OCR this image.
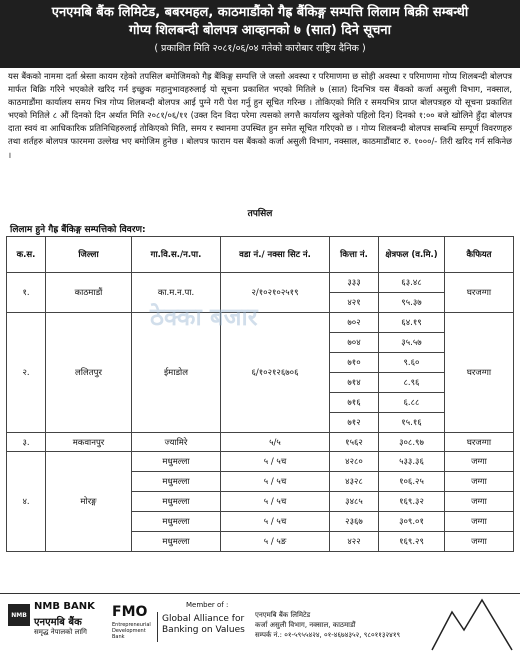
एनएमबि बैंक लिमिटेड, बबरमहल, काठमाडौंको गैह्र बैंकिङ्ग सम्पत्ति लिलाम बिक्री सम्बन्धी
गोप्य शिलबन्दी बोलपत्र आव्हानको ७ (सात) दिने सूचना
( प्रकाशित मिति २०८१/०६/०४ गतेको कारोबार राष्ट्रिय दैनिक )
यस बैंकको नाममा दर्ता श्रेस्ता कायम रहेको तपसिल बमोजिमको गैह्र बैंकिङ्ग सम्पत्ति जे जस्तो अवस्था र परिमाणमा छ सोही अवस्था र परिमाणमा गोप्य शिलबन्दी बोलपत्र मार्फत बिक्रि गरिने भएकोले खरिद गर्न इच्छुक महानुभावहरुलाई यो सूचना प्रकाशित भएको मितिले ७ (सात) दिनभित्र यस बैंकको कर्जा असुली विभाग, नक्साल, काठमाडौंमा कार्यालय समय भित्र गोप्य शिलबन्दी बोलपत्र आई पुग्ने गरी पेश गर्नु हुन सूचित गरिन्छ । तोकिएको मिति र समयभित्र प्राप्त बोलपत्रहरु यो सूचना प्रकाशित भएको मितिले ८ औं दिनको दिन अर्थात मिति २०८१/०६/११ (उक्त दिन विदा परेमा त्यसको लगत्तै कार्यालय खुलेको पहिलो दिन) दिनको १:०० बजे खोलिने हुँदा बोलपत्र दाता स्वयं वा आधिकारिक प्रतिनिधिहरुलाई तोकिएको मिति, समय र स्थानमा उपस्थित हुन समेत सूचित गरिएको छ । गोप्य शिलबन्दी बोलपत्र सम्बन्धि सम्पूर्ण विवरणहरु तथा शर्तहरु बोलपत्र फारममा उल्लेख भए बमोजिम हुनेछ । बोलपत्र फाराम यस बैंकको कर्जा असुली विभाग, नक्साल, काठमाडौंबाट रु. १०००/- तिरी खरिद गर्न सकिनेछ ।
तपसिल
लिलाम हुने गैह्र बैंकिङ्ग सम्पत्तिको विवरण:
क.स.	जिल्ला	गा.वि.स./न.पा.	वडा नं./ नक्सा सिट नं.	कित्ता नं.	क्षेत्रफल (व.मि.)	कैफियत
१.	काठमाडौं	का.म.न.पा.	२/१०२१०२५१९	३३३	६३.४८	घरजग्गा
				४२१	९५.३७	
२.	ललितपुर	ईमाडोल	६/१०२१२६७०६	७०२	६४.१९	घरजग्गा
				७०४	३५.५७	
				७१०	९.६०	
				७१४	८.९६	
				७१६	६.८८	
				७१२	१५.१६	
३.	मकवानपुर	ज्यामिरे	५/५	१५६२	३०८.९७	घरजग्गा
४.	मोरङ्ग	मधुमल्ला	५ / ५च	४२८०	५३३.३६	जग्गा
		मधुमल्ला	५ / ५च	४३२८	१०६.२५	जग्गा
		मधुमल्ला	५ / ५च	३४८५	१६९.३२	जग्गा
		मधुमल्ला	५ / ५च	२३६७	३०९.०१	जग्गा
		मधुमल्ला	५ / ५ङ	४२२	१६९.२९	जग्गा
ठेक्का बजार
NMB
NMB BANK
एनएमबि बैंक
समृद्ध नेपालको लागि
FMO
Entrepreneurial Development Bank
Member of :
Global Alliance for
Banking on Values
एनएमबि बैंक लिमिटेड
कर्जा असुली विभाग, नक्साल, काठमाडौं
सम्पर्क नं.: ०१-५९५५४२४, ०१-४६७४३५२, ९८०११३२४१९
